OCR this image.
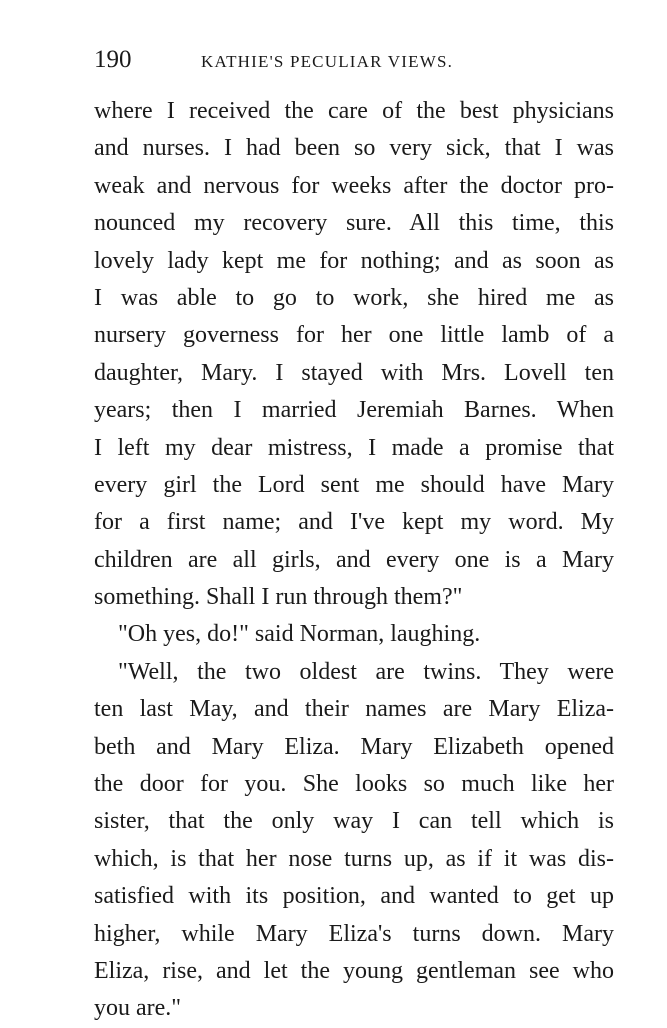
190	KATHIE'S PECULIAR VIEWS.
where I received the care of the best physicians
and nurses. I had been so very sick, that I was
weak and nervous for weeks after the doctor pro-
nounced my recovery sure. All this time, this
lovely lady kept me for nothing; and as soon as
I was able to go to work, she hired me as
nursery governess for her one little lamb of a
daughter, Mary. I stayed with Mrs. Lovell ten
years; then I married Jeremiah Barnes. When
I left my dear mistress, I made a promise that
every girl the Lord sent me should have Mary
for a first name; and I've kept my word. My
children are all girls, and every one is a Mary
something. Shall I run through them?"
"Oh yes, do!" said Norman, laughing.
"Well, the two oldest are twins. They were
ten last May, and their names are Mary Eliza-
beth and Mary Eliza. Mary Elizabeth opened
the door for you. She looks so much like her
sister, that the only way I can tell which is
which, is that her nose turns up, as if it was dis-
satisfied with its position, and wanted to get up
higher, while Mary Eliza's turns down. Mary
Eliza, rise, and let the young gentleman see who
you are."
